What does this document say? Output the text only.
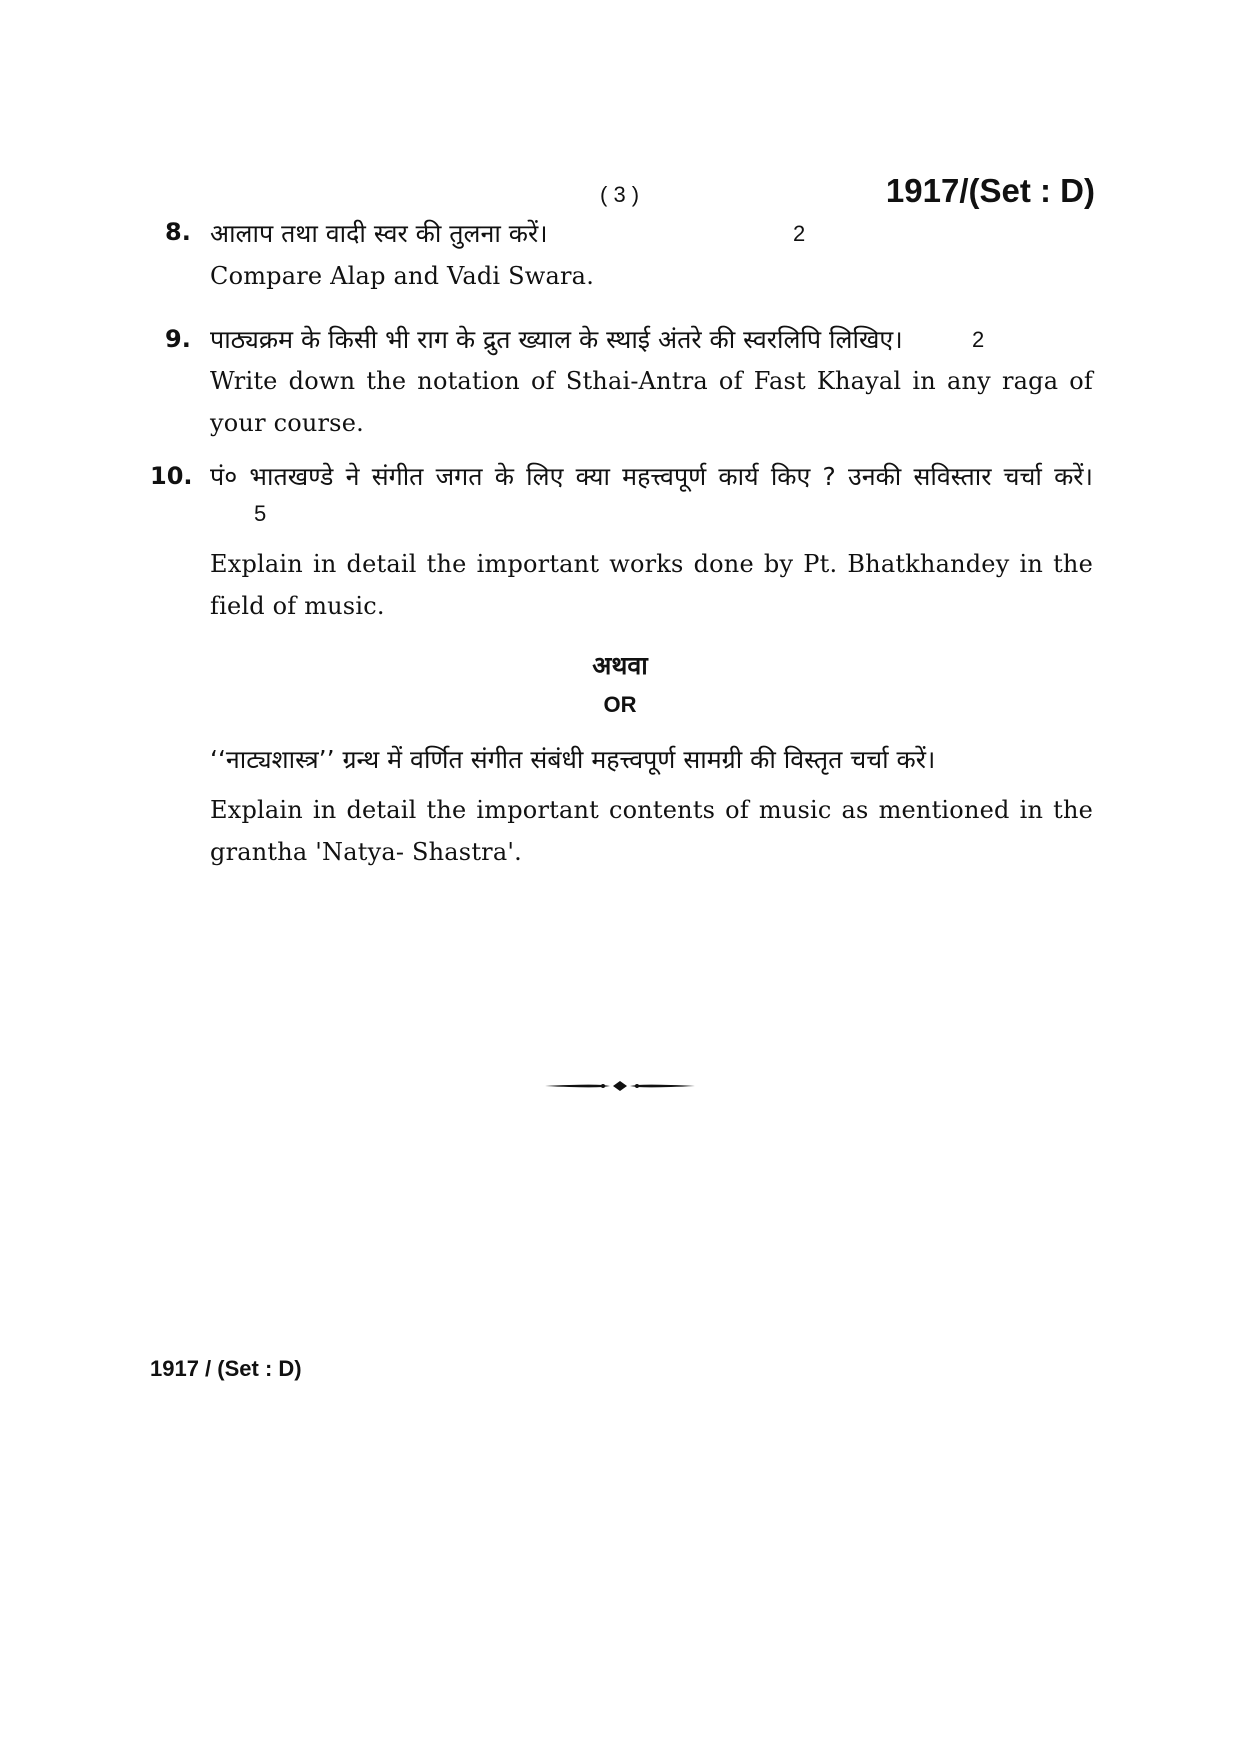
( 3 )	1917/(Set : D)
8. आलाप तथा वादी स्वर की तुलना करें।	2
Compare Alap and Vadi Swara.
9. पाठ्यक्रम के किसी भी राग के द्रुत ख्याल के स्थाई अंतरे की स्वरलिपि लिखिए।	2
Write down the notation of Sthai-Antra of Fast Khayal in any raga of
your course.
10. पं० भातखण्डे ने संगीत जगत के लिए क्या महत्त्वपूर्ण कार्य किए ? उनकी सविस्तार चर्चा करें।
5
Explain in detail the important works done by Pt. Bhatkhandey in the
field of music.
अथवा
OR
‘‘नाट्यशास्त्र’’ ग्रन्थ में वर्णित संगीत संबंधी महत्त्वपूर्ण सामग्री की विस्तृत चर्चा करें।
Explain in detail the important contents of music as mentioned in the
grantha 'Natya- Shastra'.
1917 / (Set : D)
